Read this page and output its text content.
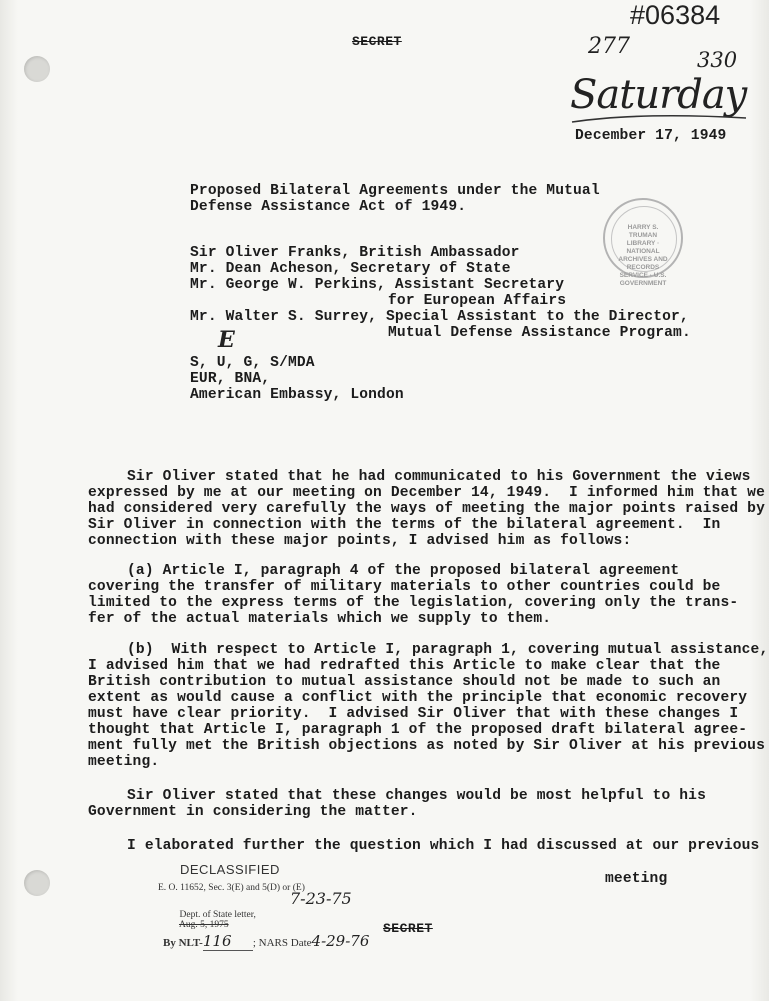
#06384
277
330
SECRET
Saturday
December 17, 1949
Proposed Bilateral Agreements under the Mutual
Defense Assistance Act of 1949.
HARRY S. TRUMAN LIBRARY · NATIONAL ARCHIVES AND RECORDS SERVICE · U.S. GOVERNMENT
Sir Oliver Franks, British Ambassador
Mr. Dean Acheson, Secretary of State
Mr. George W. Perkins, Assistant Secretary
for European Affairs
Mr. Walter S. Surrey, Special Assistant to the Director,
Mutual Defense Assistance Program.
E
S, U, G, S/MDA
EUR, BNA,
American Embassy, London
Sir Oliver stated that he had communicated to his Government the views
expressed by me at our meeting on December 14, 1949.  I informed him that we
had considered very carefully the ways of meeting the major points raised by
Sir Oliver in connection with the terms of the bilateral agreement.  In
connection with these major points, I advised him as follows:
(a) Article I, paragraph 4 of the proposed bilateral agreement
covering the transfer of military materials to other countries could be
limited to the express terms of the legislation, covering only the trans-
fer of the actual materials which we supply to them.
(b)  With respect to Article I, paragraph 1, covering mutual assistance,
I advised him that we had redrafted this Article to make clear that the
British contribution to mutual assistance should not be made to such an
extent as would cause a conflict with the principle that economic recovery
must have clear priority.  I advised Sir Oliver that with these changes I
thought that Article I, paragraph 1 of the proposed draft bilateral agree-
ment fully met the British objections as noted by Sir Oliver at his previous
meeting.
Sir Oliver stated that these changes would be most helpful to his
Government in considering the matter.
I elaborated further the question which I had discussed at our previous
meeting
DECLASSIFIED
E. O. 11652, Sec. 3(E) and 5(D) or (E)

Dept. of State letter,
Aug. 5, 1975

7-23-75

By NLT-116 ; NARS Date4-29-76

SECRET
